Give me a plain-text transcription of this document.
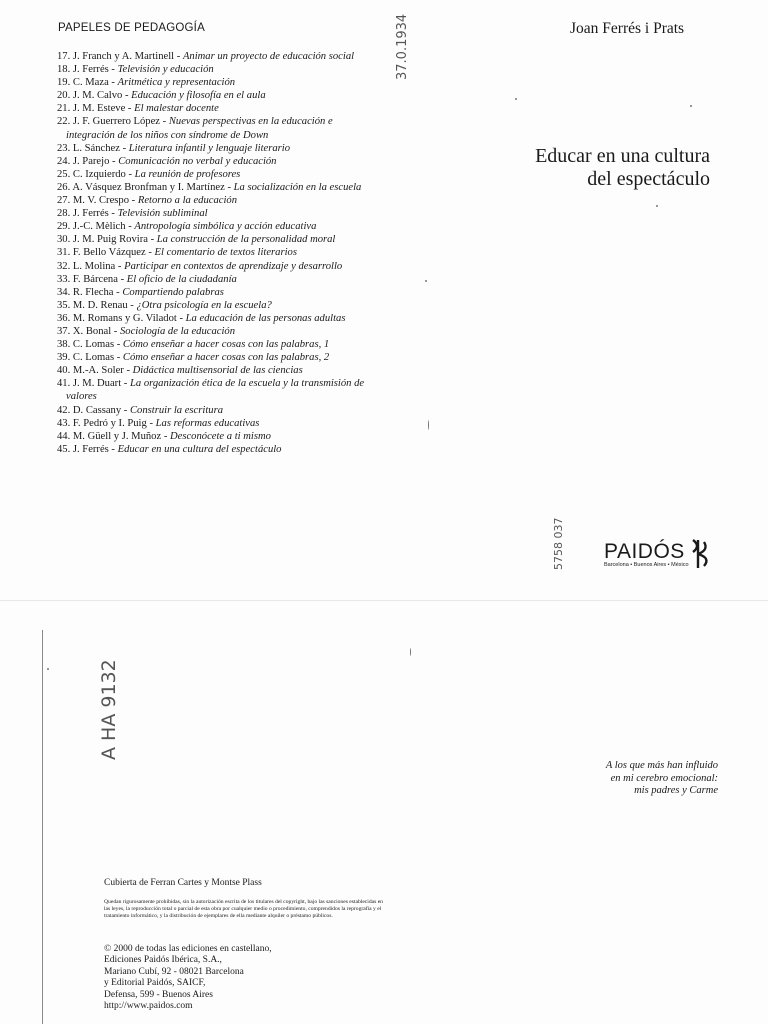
PAPELES DE PEDAGOGÍA
17. J. Franch y A. Martinell - Animar un proyecto de educación social
18. J. Ferrés - Televisión y educación
19. C. Maza - Aritmética y representación
20. J. M. Calvo - Educación y filosofía en el aula
21. J. M. Esteve - El malestar docente
22. J. F. Guerrero López - Nuevas perspectivas en la educación e integración de los niños con síndrome de Down
23. L. Sánchez - Literatura infantil y lenguaje literario
24. J. Parejo - Comunicación no verbal y educación
25. C. Izquierdo - La reunión de profesores
26. A. Vásquez Bronfman y I. Martínez - La socialización en la escuela
27. M. V. Crespo - Retorno a la educación
28. J. Ferrés - Televisión subliminal
29. J.-C. Mèlich - Antropología simbólica y acción educativa
30. J. M. Puig Rovira - La construcción de la personalidad moral
31. F. Bello Vázquez - El comentario de textos literarios
32. L. Molina - Participar en contextos de aprendizaje y desarrollo
33. F. Bárcena - El oficio de la ciudadanía
34. R. Flecha - Compartiendo palabras
35. M. D. Renau - ¿Otra psicología en la escuela?
36. M. Romans y G. Viladot - La educación de las personas adultas
37. X. Bonal - Sociología de la educación
38. C. Lomas - Cómo enseñar a hacer cosas con las palabras, 1
39. C. Lomas - Cómo enseñar a hacer cosas con las palabras, 2
40. M.-A. Soler - Didáctica multisensorial de las ciencias
41. J. M. Duart - La organización ética de la escuela y la transmisión de valores
42. D. Cassany - Construir la escritura
43. F. Pedró y I. Puig - Las reformas educativas
44. M. Güell y J. Muñoz - Desconócete a ti mismo
45. J. Ferrés - Educar en una cultura del espectáculo
Joan Ferrés i Prats
Educar en una cultura
del espectáculo
37.0.1934
5758 037 PAIDÓS
Barcelona • Buenos Aires • México
A HA 9132
A los que más han influido
en mi cerebro emocional:
mis padres y Carme
Cubierta de Ferran Cartes y Montse Plass
Quedan rigurosamente prohibidas, sin la autorización escrita de los titulares del copyright, bajo las sanciones establecidas en las leyes, la reproducción total o parcial de esta obra por cualquier medio o procedimiento, comprendidos la reprografía y el tratamiento informático, y la distribución de ejemplares de ella mediante alquiler o préstamo públicos.
© 2000 de todas las ediciones en castellano,
Ediciones Paidós Ibérica, S.A.,
Mariano Cubí, 92 - 08021 Barcelona
y Editorial Paidós, SAICF,
Defensa, 599 - Buenos Aires
http://www.paidos.com
